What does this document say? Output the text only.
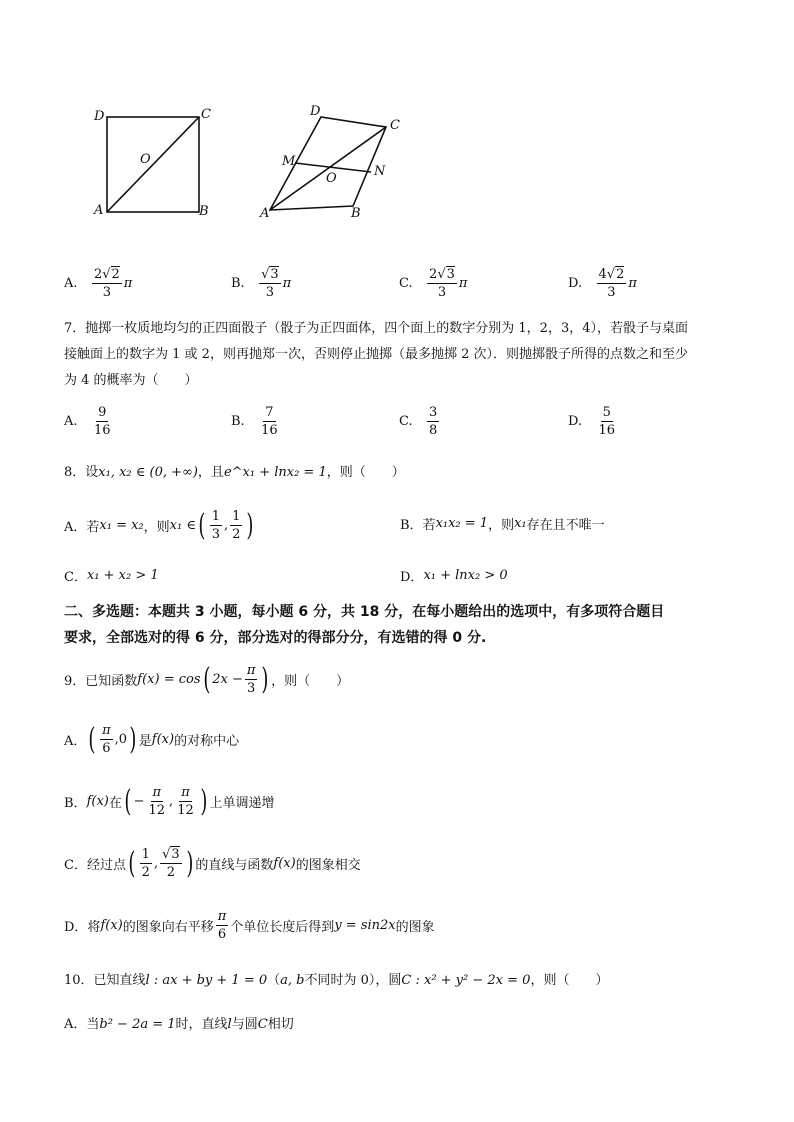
D	C
O
A	B
D
C
M
O	N
A	B
A.
$\frac{2√2}{3}$ π	B.
$\frac{√3}{3}$ π	C.
$\frac{2√3}{3}$ π	D.
$\frac{4√2}{3}$ π
7．抛掷一枚质地均匀的正四面骰子（骰子为正四面体，四个面上的数字分别为 1，2，3，4），若骰子与桌面
接触面上的数字为 1 或 2，则再抛郑一次，否则停止抛掷（最多抛掷 2 次）．则抛掷骰子所得的点数之和至少
为 4 的概率为（　　）
A.
$\frac{9}{16}$	B.
$\frac{7}{16}$	C.
$\frac{3}{8}$	D.
$\frac{5}{16}$
8．设x₁, x₂ ∈ (0, +∞)，且e^x₁ + lnx₂ = 1，则（　　）
A．若 x₁ = x₂ ，则 x₁ ∈ ( $\frac{1}{3}$ , $\frac{1}{2}$ )	B．若 x₁x₂ = 1 ，则 x₁ 存在且不唯一
C． x₁ + x₂ > 1	D． x₁ + lnx₂ > 0
二、多选题：本题共 3 小题，每小题 6 分，共 18 分，在每小题给出的选项中，有多项符合题目
要求，全部选对的得 6 分，部分选对的得部分分，有选错的得 0 分.
9．已知函数 f(x) = cos ( $2x - \frac{\pi}{3}$ ) ，则（　　）
A． ( $\frac{\pi}{6} ,0$ ) 是 f(x) 的对称中心
B． f(x) 在 ( − $\frac{\pi}{12}$ , $\frac{\pi}{12}$ ) 上单调递增
C．经过点 ( $\frac{1}{2}$ , $\frac{√3}{2}$ ) 的直线与函数 f(x) 的图象相交
D．将 f(x) 的图象向右平移 $\frac{\pi}{6}$ 个单位长度后得到 y = sin2x 的图象
10．已知直线l : ax + by + 1 = 0（a, b不同时为 0），圆C : x² + y² − 2x = 0，则（　　）
A．当b² − 2a = 1时，直线l与圆C相切
